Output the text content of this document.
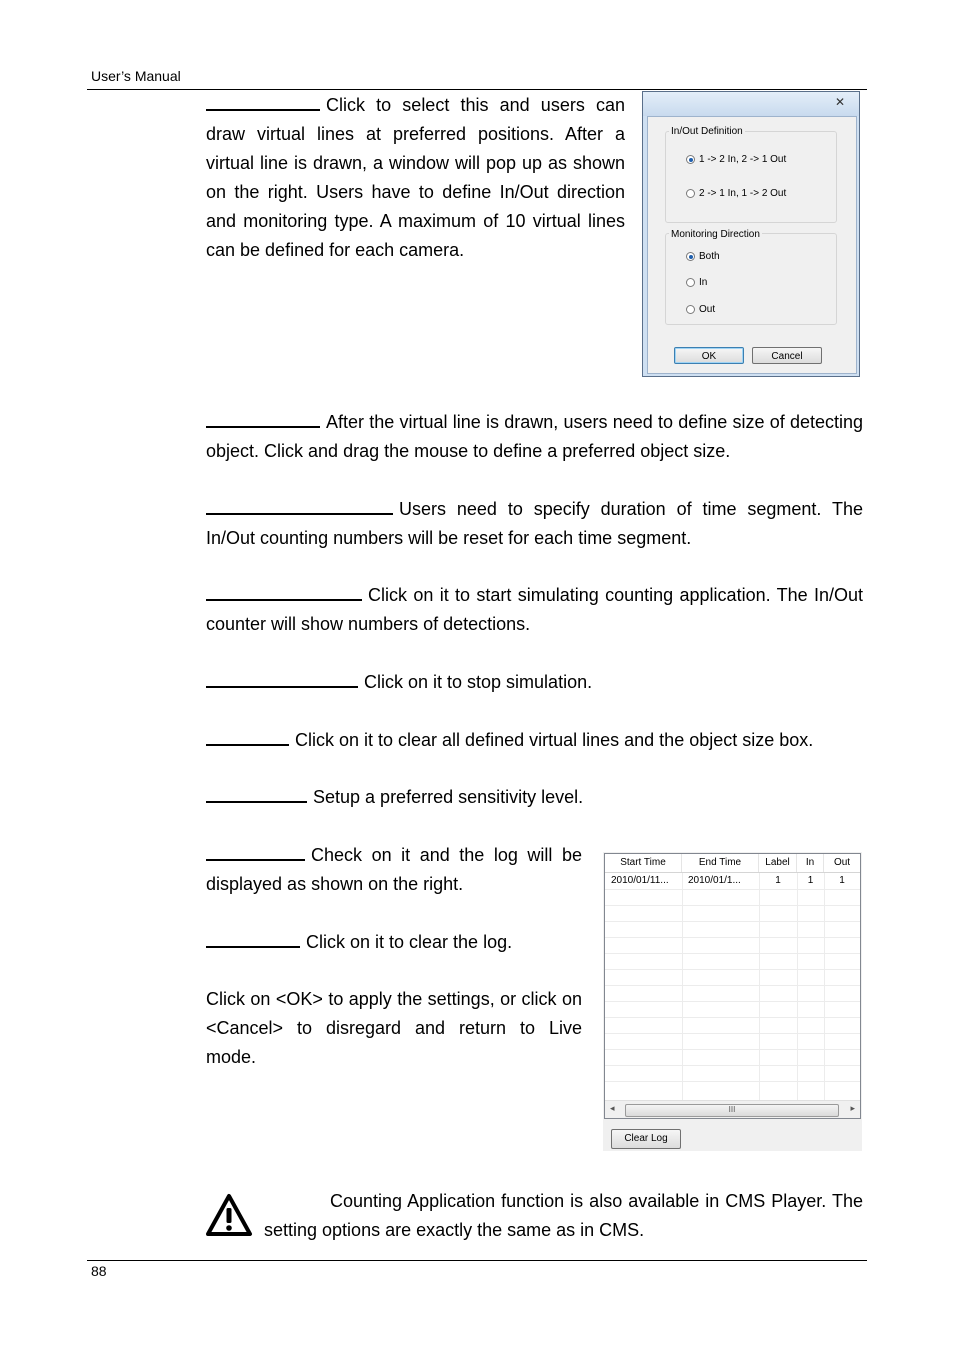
User’s Manual
Click to select this and users can draw virtual lines at preferred positions. After a virtual line is drawn, a window will pop up as shown on the right. Users have to define In/Out direction and monitoring type. A maximum of 10 virtual lines can be defined for each camera.
✕
In/Out Definition
1 -> 2 In, 2 -> 1 Out
2 -> 1 In, 1 -> 2 Out
Monitoring Direction
Both
In
Out
OK	Cancel
After the virtual line is drawn, users need to define size of detecting object. Click and drag the mouse to define a preferred object size.
Users need to specify duration of time segment. The In/Out counting numbers will be reset for each time segment.
Click on it to start simulating counting application. The In/Out counter will show numbers of detections.
Click on it to stop simulation.
Click on it to clear all defined virtual lines and the object size box.
Setup a preferred sensitivity level.
Check on it and the log will be displayed as shown on the right.
Click on it to clear the log.
Click on <OK> to apply the settings, or click on <Cancel> to disregard and return to Live mode.
Start Time	End Time	Label	In	Out
2010/01/11...	2010/01/1...	1	1	1
◂	III	▸
Clear Log
Counting Application function is also available in CMS Player. The setting options are exactly the same as in CMS.
88
